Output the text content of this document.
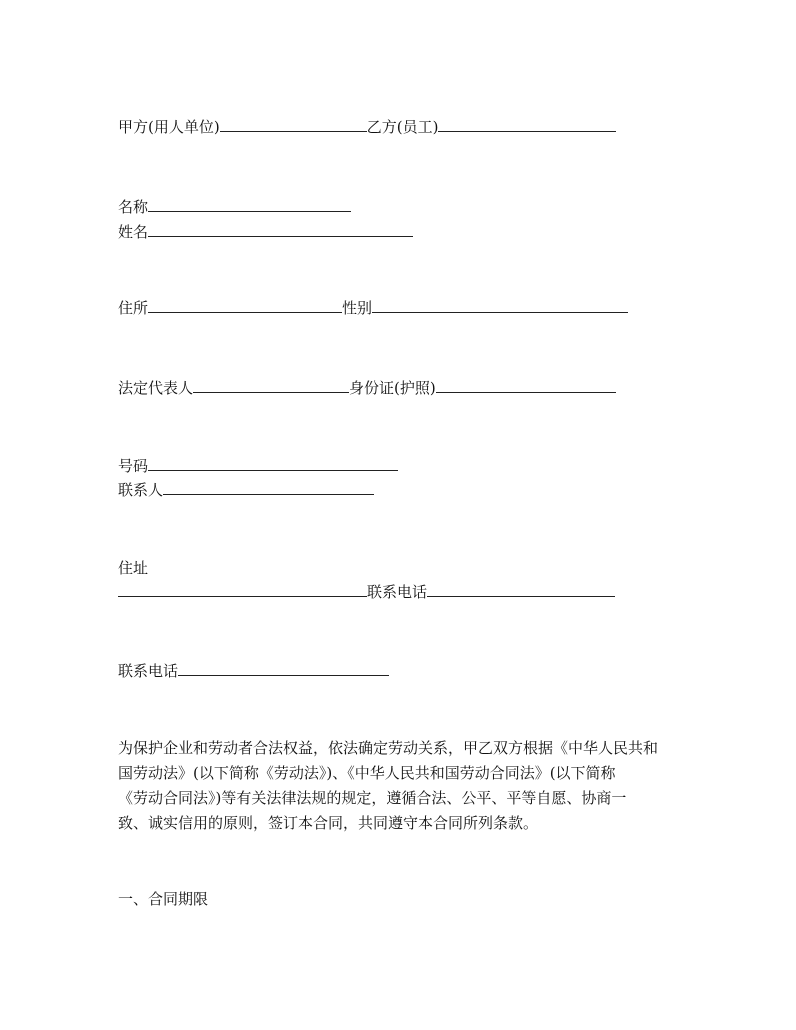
甲方(用人单位)	乙方(员工)
名称
姓名
住所	性别
法定代表人	身份证(护照)
号码
联系人
住址
联系电话
联系电话
为保护企业和劳动者合法权益，依法确定劳动关系，甲乙双方根据《中华人民共和
国劳动法》(以下简称《劳动法》)、《中华人民共和国劳动合同法》(以下简称
《劳动合同法》)等有关法律法规的规定，遵循合法、公平、平等自愿、协商一
致、诚实信用的原则，签订本合同，共同遵守本合同所列条款。
一、合同期限
